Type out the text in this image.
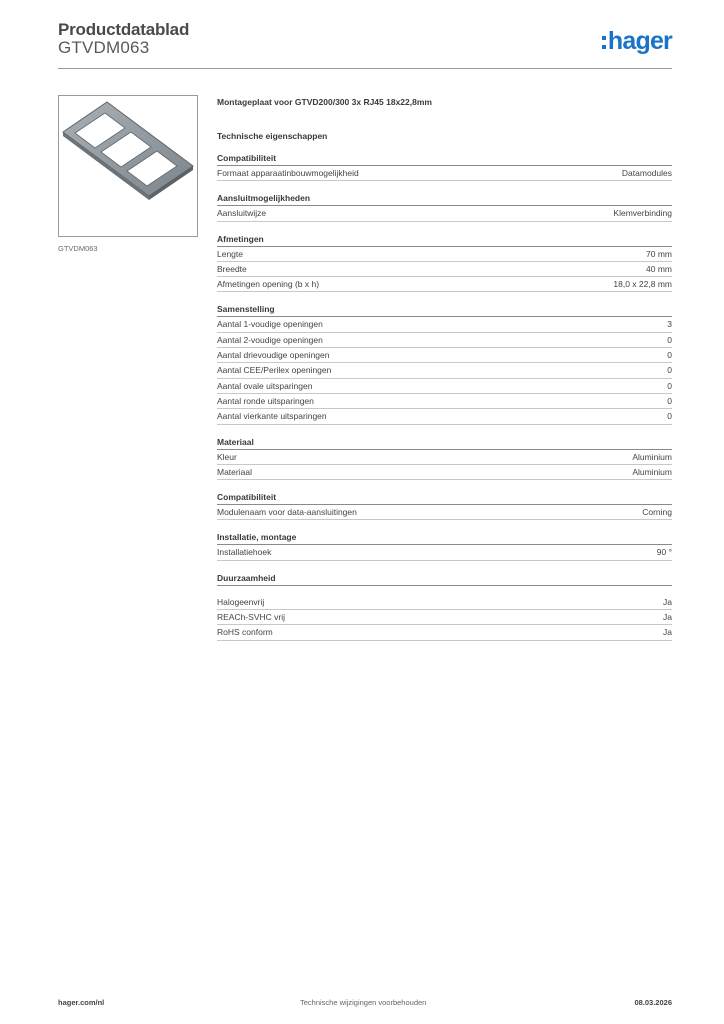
Productdatablad
GTVDM063	hager
GTVDM063
Montageplaat voor GTVD200/300 3x RJ45 18x22,8mm
Technische eigenschappen
Compatibiliteit
Formaat apparaatinbouwmogelijkheid	Datamodules
Aansluitmogelijkheden
Aansluitwijze	Klemverbinding
Afmetingen
Lengte	70 mm
Breedte	40 mm
Afmetingen opening (b x h)	18,0 x 22,8 mm
Samenstelling
Aantal 1-voudige openingen	3
Aantal 2-voudige openingen	0
Aantal drievoudige openingen	0
Aantal CEE/Perilex openingen	0
Aantal ovale uitsparingen	0
Aantal ronde uitsparingen	0
Aantal vierkante uitsparingen	0
Materiaal
Kleur	Aluminium
Materiaal	Aluminium
Compatibiliteit
Modulenaam voor data-aansluitingen	Corning
Installatie, montage
Installatiehoek	90 °
Duurzaamheid
Halogeenvrij	Ja
REACh-SVHC vrij	Ja
RoHS conform	Ja
hager.com/nl	Technische wijzigingen voorbehouden	08.03.2026
